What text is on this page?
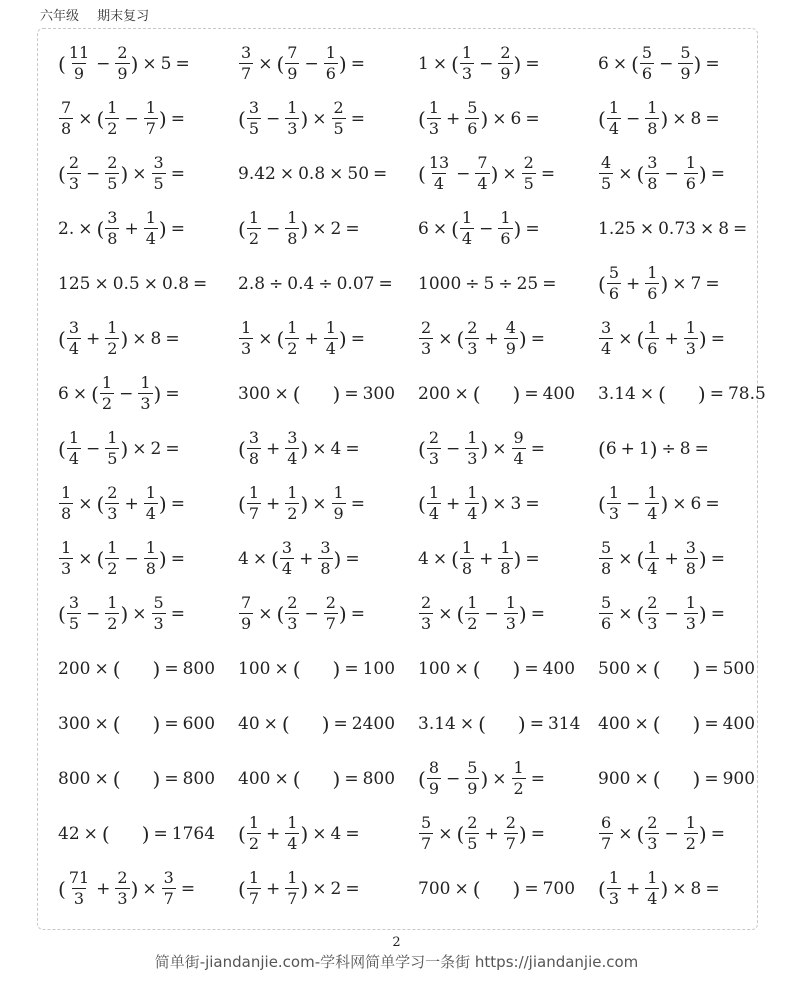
六年级 期末复习
( $\frac{11}{9} - \frac{2}{9}$ ) × 5 =	$\frac{3}{7}$ × ( $\frac{7}{9} - \frac{1}{6}$ ) =	1 × ( $\frac{1}{3} - \frac{2}{9}$ ) =	6 × ( $\frac{5}{6} - \frac{5}{9}$ ) =
$\frac{7}{8}$ × ( $\frac{1}{2} - \frac{1}{7}$ ) =	( $\frac{3}{5} - \frac{1}{3}$ ) × $\frac{2}{5}$ =	( $\frac{1}{3} + \frac{5}{6}$ ) × 6 =	( $\frac{1}{4} - \frac{1}{8}$ ) × 8 =
( $\frac{2}{3} - \frac{2}{5}$ ) × $\frac{3}{5}$ =	9.42 × 0.8 × 50 = ( $\frac{13}{4} - \frac{7}{4}$ ) × $\frac{2}{5}$ =	$\frac{4}{5}$ × ( $\frac{3}{8} - \frac{1}{6}$ ) =
2. × ( $\frac{3}{8} + \frac{1}{4}$ ) =	( $\frac{1}{2} - \frac{1}{8}$ ) × 2 =	6 × ( $\frac{1}{4} - \frac{1}{6}$ ) =	1.25 × 0.73 × 8 =
125 × 0.5 × 0.8 = 2.8 ÷ 0.4 ÷ 0.07 = 1000 ÷ 5 ÷ 25 = ( $\frac{5}{6} + \frac{1}{6}$ ) × 7 =
( $\frac{3}{4} + \frac{1}{2}$ ) × 8 =	$\frac{1}{3}$ × ( $\frac{1}{2} + \frac{1}{4}$ ) =	$\frac{2}{3}$ × ( $\frac{2}{3} + \frac{4}{9}$ ) =	$\frac{3}{4}$ × ( $\frac{1}{6} + \frac{1}{3}$ ) =
6 × ( $\frac{1}{2} - \frac{1}{3}$ ) =	300 × ( ) = 300 200 × ( ) = 400 3.14 × ( ) = 78.5
( $\frac{1}{4} - \frac{1}{5}$ ) × 2 =	( $\frac{3}{8} + \frac{3}{4}$ ) × 4 =	( $\frac{2}{3} - \frac{1}{3}$ ) × $\frac{9}{4}$ =	( 6 + 1 ) ÷ 8 =
$\frac{1}{8}$ × ( $\frac{2}{3} + \frac{1}{4}$ ) =	( $\frac{1}{7} + \frac{1}{2}$ ) × $\frac{1}{9}$ =	( $\frac{1}{4} + \frac{1}{4}$ ) × 3 =	( $\frac{1}{3} - \frac{1}{4}$ ) × 6 =
$\frac{1}{3}$ × ( $\frac{1}{2} - \frac{1}{8}$ ) =	4 × ( $\frac{3}{4} + \frac{3}{8}$ ) =	4 × ( $\frac{1}{8} + \frac{1}{8}$ ) =	$\frac{5}{8}$ × ( $\frac{1}{4} + \frac{3}{8}$ ) =
( $\frac{3}{5} - \frac{1}{2}$ ) × $\frac{5}{3}$ =	$\frac{7}{9}$ × ( $\frac{2}{3} - \frac{2}{7}$ ) =	$\frac{2}{3}$ × ( $\frac{1}{2} - \frac{1}{3}$ ) =	$\frac{5}{6}$ × ( $\frac{2}{3} - \frac{1}{3}$ ) =
200 × ( ) = 800 100 × ( ) = 100 100 × ( ) = 400 500 × ( ) = 500
300 × ( ) = 600 40 × ( ) = 2400 3.14 × ( ) = 314 400 × ( ) = 400
800 × ( ) = 800 400 × ( ) = 800 ( $\frac{8}{9} - \frac{5}{9}$ ) × $\frac{1}{2}$ =	900 × ( ) = 900
42 × ( ) = 1764 ( $\frac{1}{2} + \frac{1}{4}$ ) × 4 =	$\frac{5}{7}$ × ( $\frac{2}{5} + \frac{2}{7}$ ) =	$\frac{6}{7}$ × ( $\frac{2}{3} - \frac{1}{2}$ ) =
( $\frac{71}{3} + \frac{2}{3}$ ) × $\frac{3}{7}$ = ( $\frac{1}{7} + \frac{1}{7}$ ) × 2 =	700 × ( ) = 700 ( $\frac{1}{3} + \frac{1}{4}$ ) × 8 =
2
简单街-jiandanjie.com-学科网简单学习一条街 https://jiandanjie.com
